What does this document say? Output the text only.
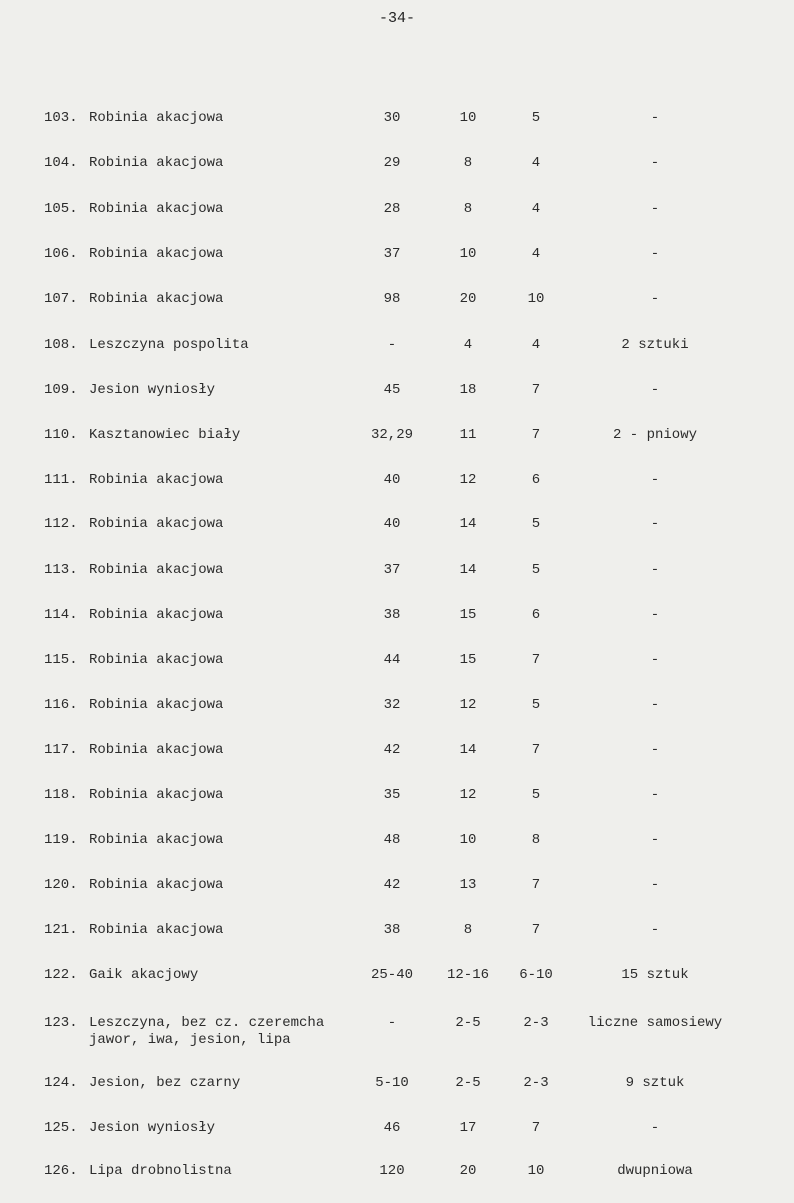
-34-
103. Robinia akacjowa	30	10	5	-
104. Robinia akacjowa	29	8	4	-
105. Robinia akacjowa	28	8	4	-
106. Robinia akacjowa	37	10	4	-
107. Robinia akacjowa	98	20	10	-
108. Leszczyna pospolita	-	4	4	2 sztuki
109. Jesion wyniosły	45	18	7	-
110. Kasztanowiec biały	32,29	11	7	2 - pniowy
111. Robinia akacjowa	40	12	6	-
112. Robinia akacjowa	40	14	5	-
113. Robinia akacjowa	37	14	5	-
114. Robinia akacjowa	38	15	6	-
115. Robinia akacjowa	44	15	7	-
116. Robinia akacjowa	32	12	5	-
117. Robinia akacjowa	42	14	7	-
118. Robinia akacjowa	35	12	5	-
119. Robinia akacjowa	48	10	8	-
120. Robinia akacjowa	42	13	7	-
121. Robinia akacjowa	38	8	7	-
122. Gaik akacjowy	25-40	12-16	6-10	15 sztuk
123. Leszczyna, bez cz. czeremcha
jawor, iwa, jesion, lipa
-	2-5	2-3	liczne samosiewy
124. Jesion, bez czarny	5-10	2-5	2-3	9 sztuk
125. Jesion wyniosły	46	17	7	-
126. Lipa drobnolistna	120	20	10	dwupniowa
